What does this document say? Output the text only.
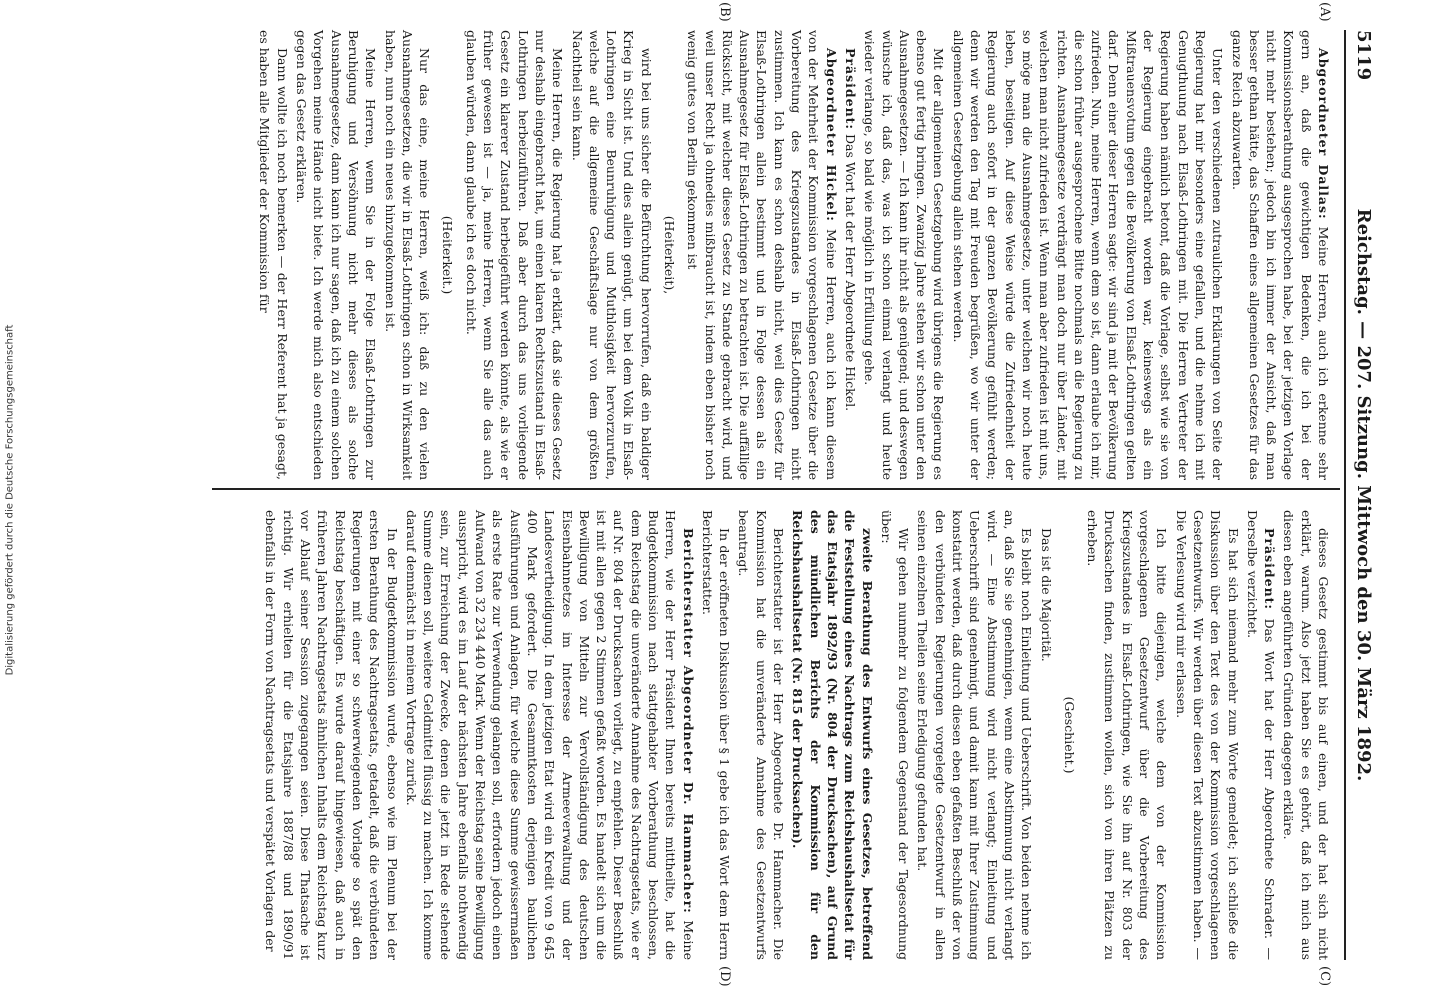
5119
Reichstag. — 207. Sitzung. Mittwoch den 30. März 1892.
(C)
(D)
(A)
(B)

dieses Gesetz gestimmt bis auf einen, und der hat sich nicht erklärt, warum. Also jetzt haben Sie es gehört, daß ich mich aus diesen eben angeführten Gründen dagegen erkläre.

Präsident: Das Wort hat der Herr Abgeordnete Schrader. — Derselbe verzichtet.

Es hat sich niemand mehr zum Worte gemeldet; ich schließe die Diskussion über den Text des von der Kommission vorgeschlagenen Gesetzentwurfs. Wir werden über diesen Text abzustimmen haben. — Die Verlesung wird mir erlassen.

Ich bitte diejenigen, welche dem von der Kommission vorgeschlagenen Gesetzentwurf über die Vorbereitung des Kriegszustandes in Elsaß-Lothringen, wie Sie ihn auf Nr. 803 der Drucksachen finden, zustimmen wollen, sich von ihren Plätzen zu erheben.

(Geschieht.)

Das ist die Majorität.

Es bleibt noch Einleitung und Ueberschrift. Von beiden nehme ich an, daß Sie sie genehmigen, wenn eine Abstimmung nicht verlangt wird. — Eine Abstimmung wird nicht verlangt; Einleitung und Ueberschrift sind genehmigt, und damit kann mit Ihrer Zustimmung konstatirt werden, daß durch diesen eben gefaßten Beschluß der von den verbündeten Regierungen vorgelegte Gesetzentwurf in allen seinen einzelnen Theilen seine Erledigung gefunden hat.

Wir gehen nunmehr zu folgendem Gegenstand der Tagesordnung über:

zweite Berathung des Entwurfs eines Gesetzes, betreffend die Feststellung eines Nachtrags zum Reichshaushaltsetat für das Etatsjahr 1892/93 (Nr. 804 der Drucksachen), auf Grund des mündlichen Berichts der Kommission für den Reichshaushaltsetat (Nr. 815 der Drucksachen).

Berichterstatter ist der Herr Abgeordnete Dr. Hammacher. Die Kommission hat die unveränderte Annahme des Gesetzentwurfs beantragt.

In der eröffneten Diskussion über § 1 gebe ich das Wort dem Herrn Berichterstatter.

Berichterstatter Abgeordneter Dr. Hammacher: Meine Herren, wie der Herr Präsident Ihnen bereits mittheilte, hat die Budgetkommission nach stattgehabter Vorberathung beschlossen, dem Reichstag die unveränderte Annahme des Nachtragsetats, wie er auf Nr. 804 der Drucksachen vorliegt, zu empfehlen. Dieser Beschluß ist mit allen gegen 2 Stimmen gefaßt worden. Es handelt sich um die Bewilligung von Mitteln zur Vervollständigung des deutschen Eisenbahnnetzes im Interesse der Armeeverwaltung und der Landesvertheidigung. In dem jetzigen Etat wird ein Kredit von 9 645 400 Mark gefordert. Die Gesammtkosten derjenigen baulichen Ausführungen und Anlagen, für welche diese Summe gewissermaßen als erste Rate zur Verwendung gelangen soll, erfordern jedoch einen Aufwand von 32 234 440 Mark. Wenn der Reichstag seine Bewilligung ausspricht, wird es im Lauf der nächsten Jahre ebenfalls nothwendig sein, zur Erreichung der Zwecke, denen die jetzt in Rede stehende Summe dienen soll, weitere Geldmittel flüssig zu machen. Ich komme darauf demnächst in meinem Vortrage zurück.

In der Budgetkommission wurde, ebenso wie im Plenum bei der ersten Berathung des Nachtragsetats, getadelt, daß die verbündeten Regierungen mit einer so schwerwiegenden Vorlage so spät den Reichstag beschäftigen. Es wurde darauf hingewiesen, daß auch in früheren Jahren Nachtragsetats ähnlichen Inhalts dem Reichstag kurz vor Ablauf seiner Session zugegangen seien. Diese Thatsache ist richtig. Wir erhielten für die Etatsjahre 1887/88 und 1890/91 ebenfalls in der Form von Nachtragsetats und verspätet Vorlagen der

Abgeordneter Dallas: Meine Herren, auch ich erkenne sehr gern an, daß die gewichtigen Bedenken, die ich bei der Kommissionsberathung ausgesprochen habe, bei der jetzigen Vorlage nicht mehr bestehen; jedoch bin ich immer der Ansicht, daß man besser gethan hätte, das Schaffen eines allgemeinen Gesetzes für das ganze Reich abzuwarten.

Unter den verschiedenen zutraulichen Erklärungen von Seite der Regierung hat mir besonders eine gefallen, und die nehme ich mit Genugthuung nach Elsaß-Lothringen mit. Die Herren Vertreter der Regierung haben nämlich betont, daß die Vorlage, selbst wie sie von der Regierung eingebracht worden war, keineswegs als ein Mißtrauensvotum gegen die Bevölkerung von Elsaß-Lothringen gelten darf. Denn einer dieser Herren sagte: wir sind ja mit der Bevölkerung zufrieden. Nun, meine Herren, wenn dem so ist, dann erlaube ich mir, die schon früher ausgesprochene Bitte nochmals an die Regierung zu richten. Ausnahmegesetze verdrängt man doch nur über Länder, mit welchen man nicht zufrieden ist. Wenn man aber zufrieden ist mit uns, so möge man die Ausnahmegesetze, unter welchen wir noch heute leben, beseitigen. Auf diese Weise würde die Zufriedenheit der Regierung auch sofort in der ganzen Bevölkerung gefühlt werden; denn wir werden den Tag mit Freuden begrüßen, wo wir unter der allgemeinen Gesetzgebung allein stehen werden.

Mit der allgemeinen Gesetzgebung wird übrigens die Regierung es ebenso gut fertig bringen. Zwanzig Jahre stehen wir schon unter den Ausnahmegesetzen. — Ich kann ihr nicht als genügend; und deswegen wünsche ich, daß das, was ich schon einmal verlangt und heute wieder verlange, so bald wie möglich in Erfüllung gehe.

Präsident: Das Wort hat der Herr Abgeordnete Hickel.

Abgeordneter Hickel: Meine Herren, auch ich kann diesem von der Mehrheit der Kommission vorgeschlagenen Gesetze über die Vorbereitung des Kriegszustandes in Elsaß-Lothringen nicht zustimmen. Ich kann es schon deshalb nicht, weil dies Gesetz für Elsaß-Lothringen allein bestimmt und in Folge dessen als ein Ausnahmegesetz für Elsaß-Lothringen zu betrachten ist. Die auffällige Rücksicht, mit welcher dieses Gesetz zu Stande gebracht wird, und weil unser Recht ja ohnedies mißbraucht ist, indem eben bisher noch wenig gutes von Berlin gekommen ist

(Heiterkeit),

wird bei uns sicher die Befürchtung hervorrufen, daß ein baldiger Krieg in Sicht ist. Und dies allein genügt, um bei dem Volk in Elsaß-Lothringen eine Beunruhigung und Muthlosigkeit hervorzurufen, welche auf die allgemeine Geschäftslage nur von dem größten Nachtheil sein kann.

Meine Herren, die Regierung hat ja erklärt, daß sie dieses Gesetz nur deshalb eingebracht hat, um einen klaren Rechtszustand in Elsaß-Lothringen herbeizuführen. Daß aber durch das uns vorliegende Gesetz ein klarerer Zustand herbeigeführt werden könnte, als wie er früher gewesen ist — ja, meine Herren, wenn Sie alle das auch glauben würden, dann glaube ich es doch nicht.

(Heiterkeit.)

Nur das eine, meine Herren, weiß ich: daß zu den vielen Ausnahmegesetzen, die wir in Elsaß-Lothringen schon in Wirksamkeit haben, nun noch ein neues hinzugekommen ist.

Meine Herren, wenn Sie in der Folge Elsaß-Lothringen zur Beruhigung und Versöhnung nicht mehr dieses als solche Ausnahmegesetze, dann kann ich nur sagen, daß ich zu einem solchen Vorgehen meine Hände nicht biete. Ich werde mich also entschieden gegen das Gesetz erklären.

Dann wollte ich noch bemerken — der Herr Referent hat ja gesagt, es haben alle Mitglieder der Kommission für

Digitalisierung gefördert durch die Deutsche Forschungsgemeinschaft
